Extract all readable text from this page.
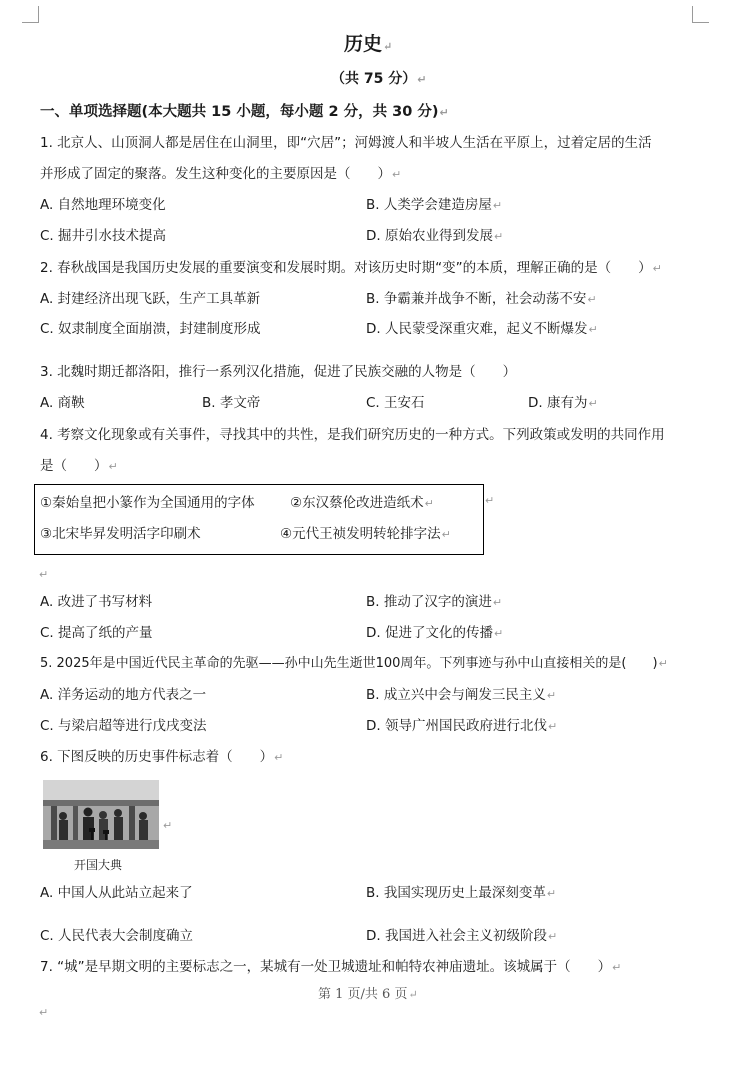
历史↵
（共 75 分）↵
一、单项选择题(本大题共 15 小题，每小题 2 分，共 30 分)↵
1. 北京人、山顶洞人都是居住在山洞里，即“穴居”；河姆渡人和半坡人生活在平原上，过着定居的生活
并形成了固定的聚落。发生这种变化的主要原因是（　　）↵
A. 自然地理环境变化	B. 人类学会建造房屋↵
C. 掘井引水技术提高	D. 原始农业得到发展↵
2. 春秋战国是我国历史发展的重要演变和发展时期。对该历史时期“变”的本质，理解正确的是（　　）↵
A. 封建经济出现飞跃，生产工具革新	B. 争霸兼并战争不断，社会动荡不安↵
C. 奴隶制度全面崩溃，封建制度形成	D. 人民蒙受深重灾难，起义不断爆发↵
3. 北魏时期迁都洛阳，推行一系列汉化措施，促进了民族交融的人物是（　　）
A. 商鞅	B. 孝文帝	C. 王安石	D. 康有为↵
4. 考察文化现象或有关事件，寻找其中的共性，是我们研究历史的一种方式。下列政策或发明的共同作用
是（　　）↵
①秦始皇把小篆作为全国通用的字体	②东汉蔡伦改进造纸术↵
③北宋毕昇发明活字印刷术	④元代王祯发明转轮排字法↵
↵
↵
A. 改进了书写材料	B. 推动了汉字的演进↵
C. 提高了纸的产量	D. 促进了文化的传播↵
5. 2025年是中国近代民主革命的先驱——孙中山先生逝世100周年。下列事迹与孙中山直接相关的是(　　)↵
A. 洋务运动的地方代表之一	B. 成立兴中会与阐发三民主义↵
C. 与梁启超等进行戊戌变法	D. 领导广州国民政府进行北伐↵
6. 下图反映的历史事件标志着（　　）↵
↵
开国大典
A. 中国人从此站立起来了	B. 我国实现历史上最深刻变革↵
C. 人民代表大会制度确立	D. 我国进入社会主义初级阶段↵
7. “城”是早期文明的主要标志之一，某城有一处卫城遗址和帕特农神庙遗址。该城属于（　　）↵
第 1 页/共 6 页↵
↵
